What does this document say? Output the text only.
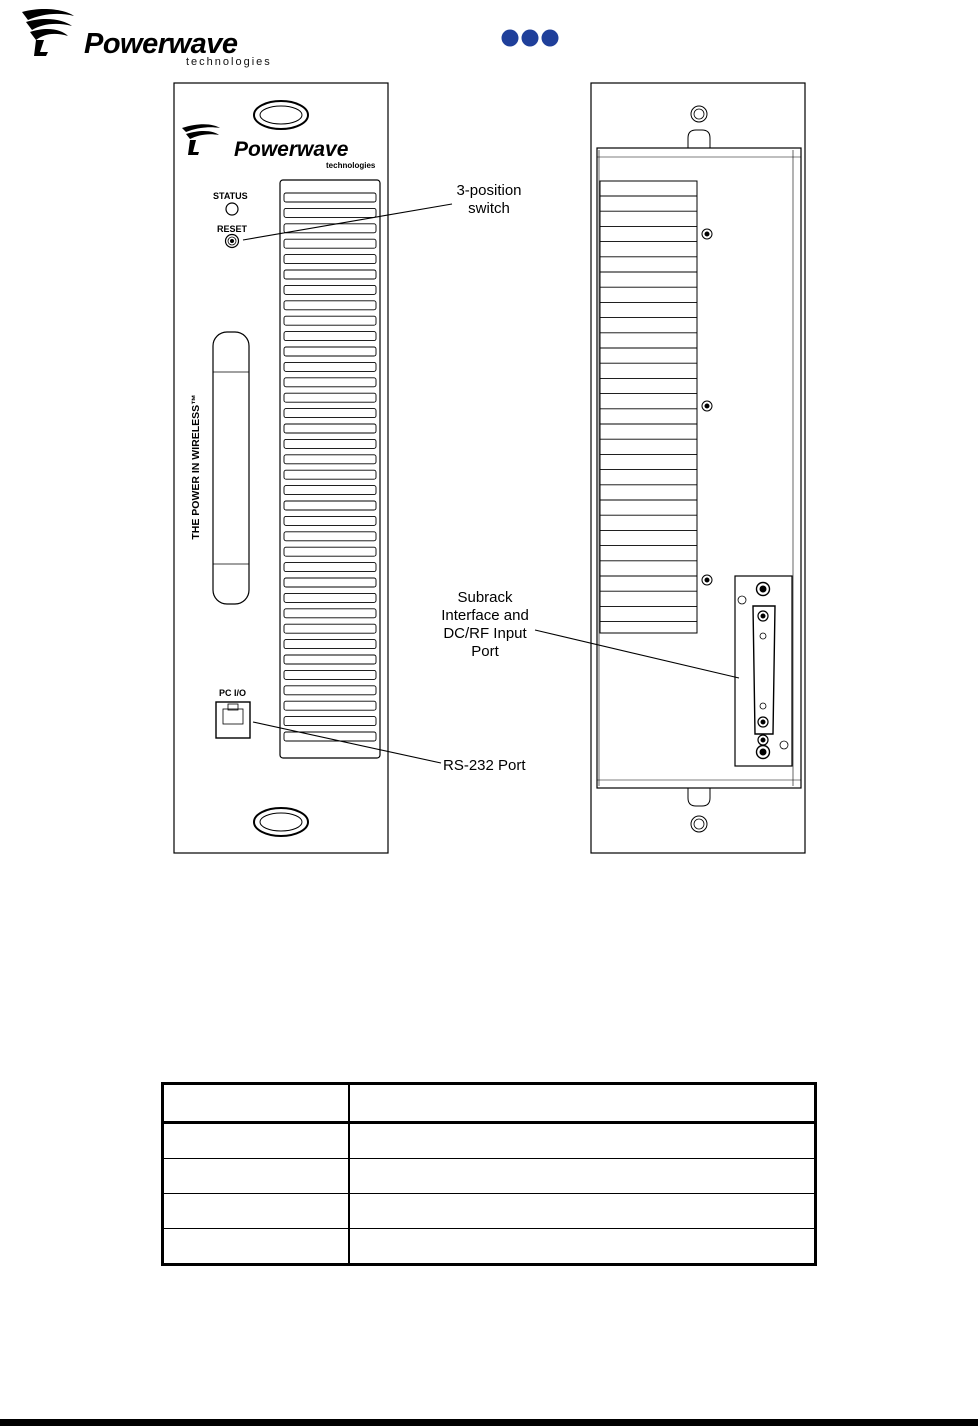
Powerwave
technologies
Powerwave
technologies
STATUS
RESET
PC I/O
THE POWER IN WIRELESS™
3-position
switch
RS-232 Port
Subrack
Interface and
DC/RF Input
Port
